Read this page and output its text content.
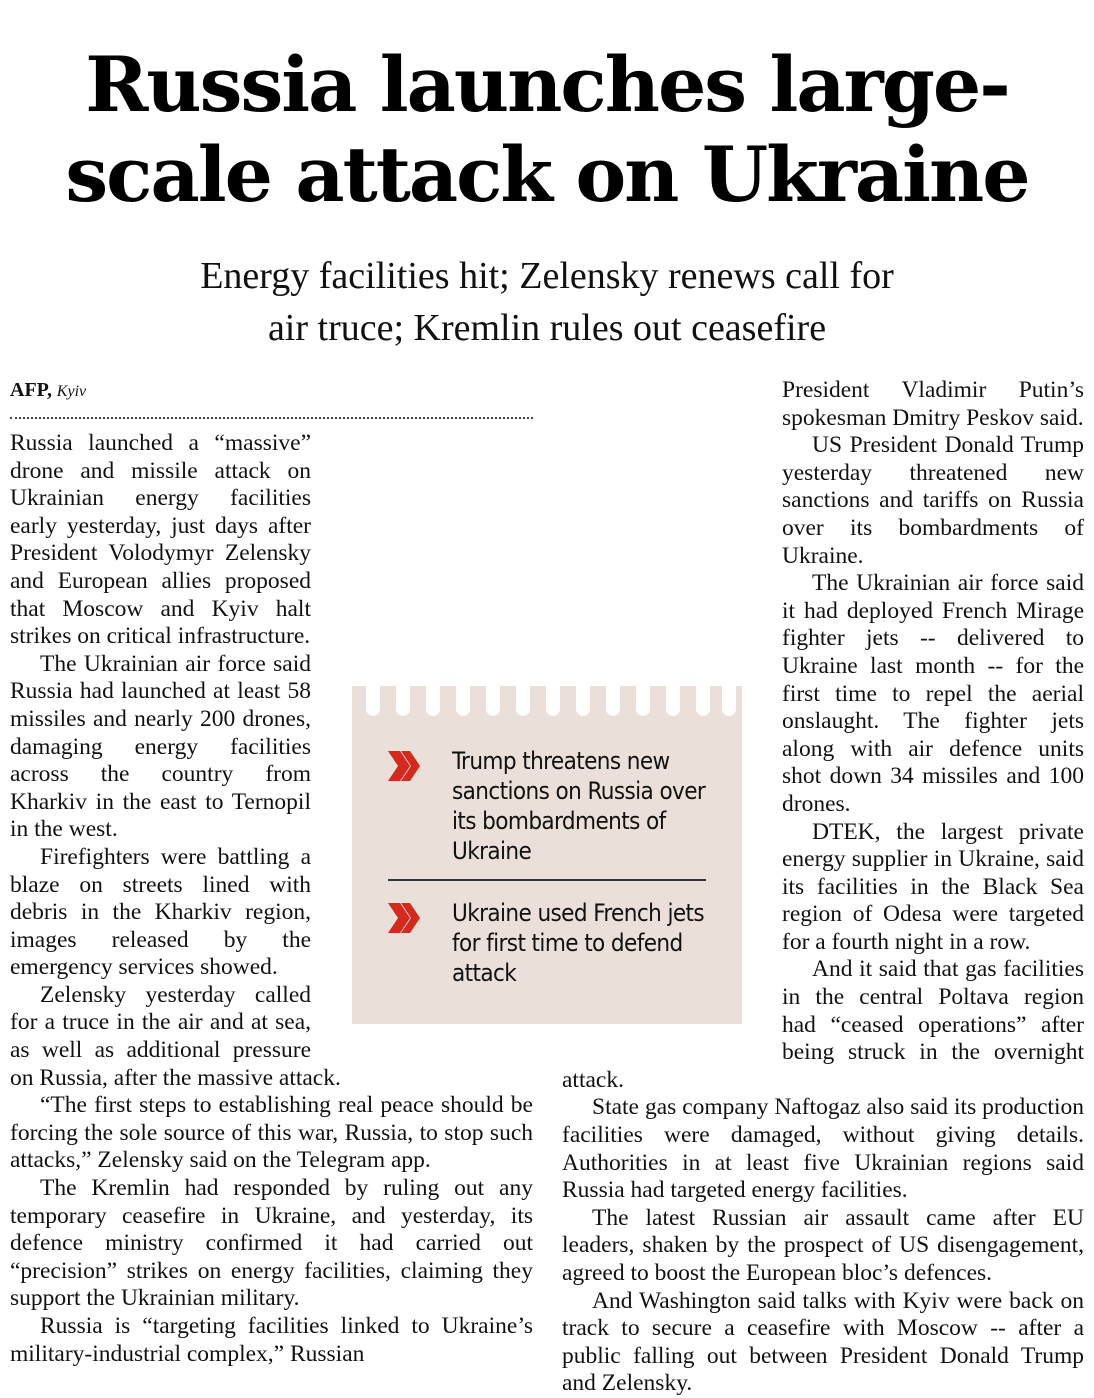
Russia launches large-
scale attack on Ukraine
Energy facilities hit; Zelensky renews call for
air truce; Kremlin rules out ceasefire
AFP, Kyiv

Russia launched a “massive” drone and missile attack on Ukrainian energy facilities early yesterday, just days after President Volodymyr Zelensky and European allies proposed that Moscow and Kyiv halt strikes on critical infrastructure.

The Ukrainian air force said Russia had launched at least 58 missiles and nearly 200 drones, damaging energy facilities across the country from Kharkiv in the east to Ternopil in the west.

Firefighters were battling a blaze on streets lined with debris in the Kharkiv region, images released by the emergency services showed.

Zelensky yesterday called for a truce in the air and at sea, as well as additional pressure on Russia, after the massive attack.

“The first steps to establishing real peace should be forcing the sole source of this war, Russia, to stop such attacks,” Zelensky said on the Telegram app.

The Kremlin had responded by ruling out any temporary ceasefire in Ukraine, and yesterday, its defence ministry confirmed it had carried out “precision” strikes on energy facilities, claiming they support the Ukrainian military.

Russia is “targeting facilities linked to Ukraine’s military-industrial complex,” Russian

President Vladimir Putin’s spokesman Dmitry Peskov said.

US President Donald Trump yesterday threatened new sanctions and tariffs on Russia over its bombardments of Ukraine.

The Ukrainian air force said it had deployed French Mirage fighter jets -- delivered to Ukraine last month -- for the first time to repel the aerial onslaught. The fighter jets along with air defence units shot down 34 missiles and 100 drones.

DTEK, the largest private energy supplier in Ukraine, said its facilities in the Black Sea region of Odesa were targeted for a fourth night in a row.

And it said that gas facilities in the central Poltava region had “ceased operations” after being struck in the overnight attack.

State gas company Naftogaz also said its production facilities were damaged, without giving details. Authorities in at least five Ukrainian regions said Russia had targeted energy facilities.

The latest Russian air assault came after EU leaders, shaken by the prospect of US disengagement, agreed to boost the European bloc’s defences.

And Washington said talks with Kyiv were back on track to secure a ceasefire with Moscow -- after a public falling out between President Donald Trump and Zelensky.

Trump threatens new sanctions on Russia over its bombardments of Ukraine
Ukraine used French jets for first time to defend attack
